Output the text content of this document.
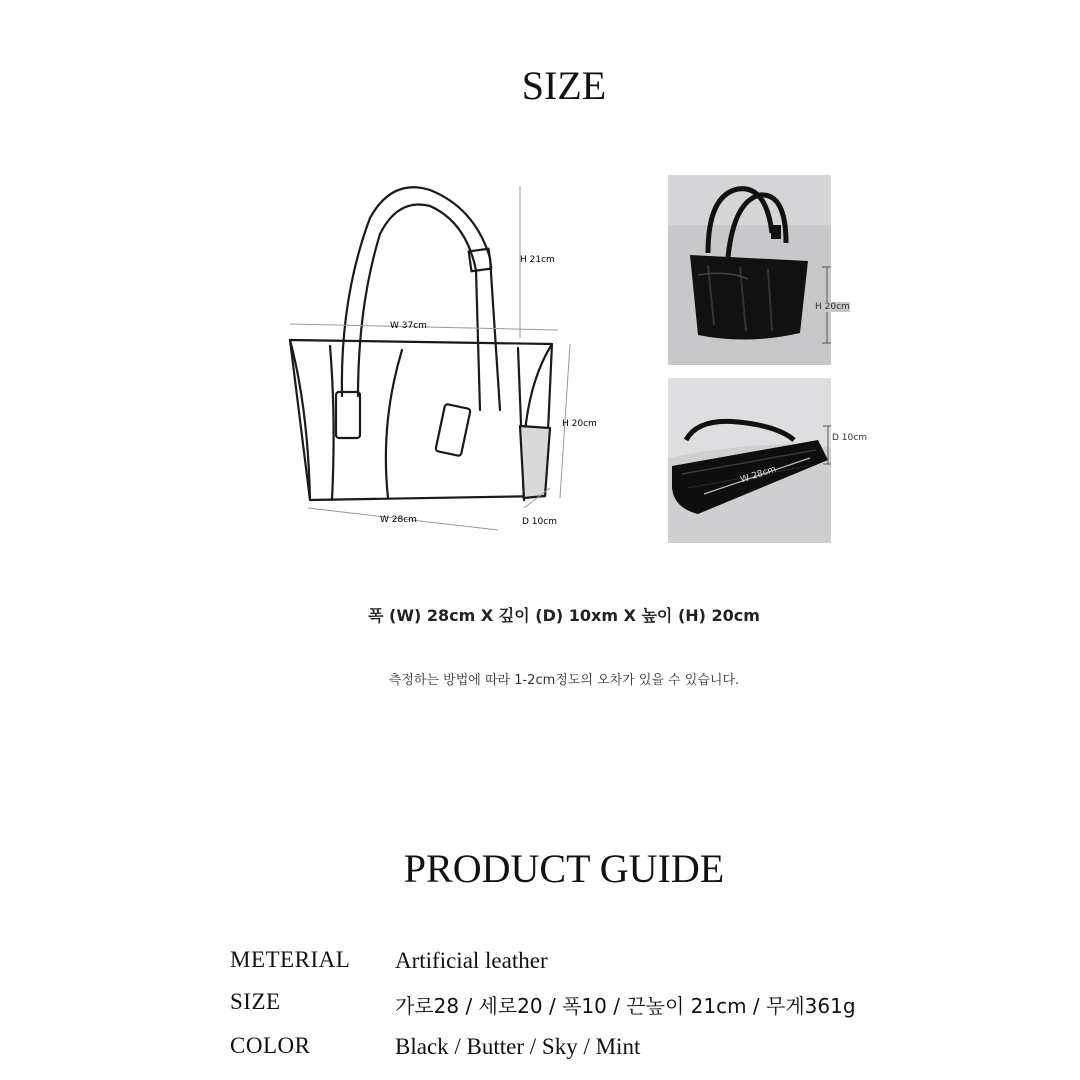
SIZE
H 21cm
W 37cm
H 20cm
W 28cm	D 10cm
H 20cm
D 10cm
W 28cm
폭 (W) 28cm X 깊이 (D) 10xm X 높이 (H) 20cm
측정하는 방법에 따라 1-2cm정도의 오차가 있을 수 있습니다.
PRODUCT GUIDE
METERIAL Artificial leather
SIZE	가로28 / 세로20 / 폭10 / 끈높이 21cm / 무게361g
COLOR	Black / Butter / Sky / Mint
